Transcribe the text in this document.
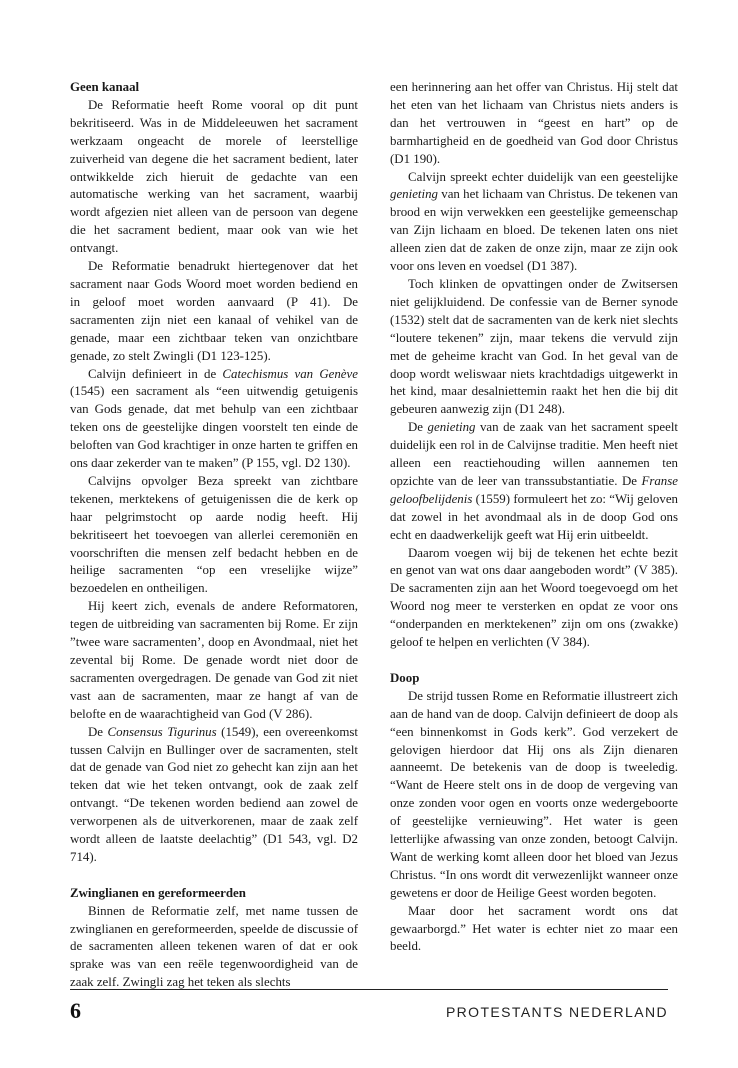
Geen kanaal

De Reformatie heeft Rome vooral op dit punt bekritiseerd. Was in de Middeleeuwen het sacrament werkzaam ongeacht de morele of leerstellige zuiverheid van degene die het sacrament bedient, later ontwikkelde zich hieruit de gedachte van een automatische werking van het sacrament, waarbij wordt afgezien niet alleen van de persoon van degene die het sacrament bedient, maar ook van wie het ontvangt.

De Reformatie benadrukt hiertegenover dat het sacrament naar Gods Woord moet worden bediend en in geloof moet worden aanvaard (P 41). De sacramenten zijn niet een kanaal of vehikel van de genade, maar een zichtbaar teken van onzichtbare genade, zo stelt Zwingli (D1 123-125).

Calvijn definieert in de Catechismus van Genève (1545) een sacrament als “een uitwendig getuigenis van Gods genade, dat met behulp van een zichtbaar teken ons de geestelijke dingen voorstelt ten einde de beloften van God krachtiger in onze harten te griffen en ons daar zekerder van te maken” (P 155, vgl. D2 130).

Calvijns opvolger Beza spreekt van zichtbare tekenen, merktekens of getuigenissen die de kerk op haar pelgrimstocht op aarde nodig heeft. Hij bekritiseert het toevoegen van allerlei ceremoniën en voorschriften die mensen zelf bedacht hebben en de heilige sacramenten “op een vreselijke wijze” bezoedelen en ontheiligen.

Hij keert zich, evenals de andere Reformatoren, tegen de uitbreiding van sacramenten bij Rome. Er zijn ”twee ware sacramenten’, doop en Avondmaal, niet het zevental bij Rome. De genade wordt niet door de sacramenten overgedragen. De genade van God zit niet vast aan de sacramenten, maar ze hangt af van de belofte en de waarachtigheid van God (V 286).

De Consensus Tigurinus (1549), een overeenkomst tussen Calvijn en Bullinger over de sacramenten, stelt dat de genade van God niet zo gehecht kan zijn aan het teken dat wie het teken ontvangt, ook de zaak zelf ontvangt. “De tekenen worden bediend aan zowel de verworpenen als de uitverkorenen, maar de zaak zelf wordt alleen de laatste deelachtig” (D1 543, vgl. D2 714).

Zwinglianen en gereformeerden

Binnen de Reformatie zelf, met name tussen de zwinglianen en gereformeerden, speelde de discussie of de sacramenten alleen tekenen waren of dat er ook sprake was van een reële tegenwoordigheid van de zaak zelf. Zwingli zag het teken als slechts

een herinnering aan het offer van Christus. Hij stelt dat het eten van het lichaam van Christus niets anders is dan het vertrouwen in “geest en hart” op de barmhartigheid en de goedheid van God door Christus (D1 190).

Calvijn spreekt echter duidelijk van een geestelijke genieting van het lichaam van Christus. De tekenen van brood en wijn verwekken een geestelijke gemeenschap van Zijn lichaam en bloed. De tekenen laten ons niet alleen zien dat de zaken de onze zijn, maar ze zijn ook voor ons leven en voedsel (D1 387).

Toch klinken de opvattingen onder de Zwitsersen niet gelijkluidend. De confessie van de Berner synode (1532) stelt dat de sacramenten van de kerk niet slechts “loutere tekenen” zijn, maar tekens die vervuld zijn met de geheime kracht van God. In het geval van de doop wordt weliswaar niets krachtdadigs uitgewerkt in het kind, maar desalniettemin raakt het hen die bij dit gebeuren aanwezig zijn (D1 248).

De genieting van de zaak van het sacrament speelt duidelijk een rol in de Calvijnse traditie. Men heeft niet alleen een reactiehouding willen aannemen ten opzichte van de leer van transsubstantiatie. De Franse geloofbelijdenis (1559) formuleert het zo: “Wij geloven dat zowel in het avondmaal als in de doop God ons echt en daadwerkelijk geeft wat Hij erin uitbeeldt.

Daarom voegen wij bij de tekenen het echte bezit en genot van wat ons daar aangeboden wordt” (V 385). De sacramenten zijn aan het Woord toegevoegd om het Woord nog meer te versterken en opdat ze voor ons “onderpanden en merktekenen” zijn om ons (zwakke) geloof te helpen en verlichten (V 384).

Doop

De strijd tussen Rome en Reformatie illustreert zich aan de hand van de doop. Calvijn definieert de doop als “een binnenkomst in Gods kerk”. God verzekert de gelovigen hierdoor dat Hij ons als Zijn dienaren aanneemt. De betekenis van de doop is tweeledig. “Want de Heere stelt ons in de doop de vergeving van onze zonden voor ogen en voorts onze wedergeboorte of geestelijke vernieuwing”. Het water is geen letterlijke afwassing van onze zonden, betoogt Calvijn. Want de werking komt alleen door het bloed van Jezus Christus. “In ons wordt dit verwezenlijkt wanneer onze gewetens er door de Heilige Geest worden begoten.

Maar door het sacrament wordt ons dat gewaarborgd.” Het water is echter niet zo maar een beeld.

6	PROTESTANTS NEDERLAND
